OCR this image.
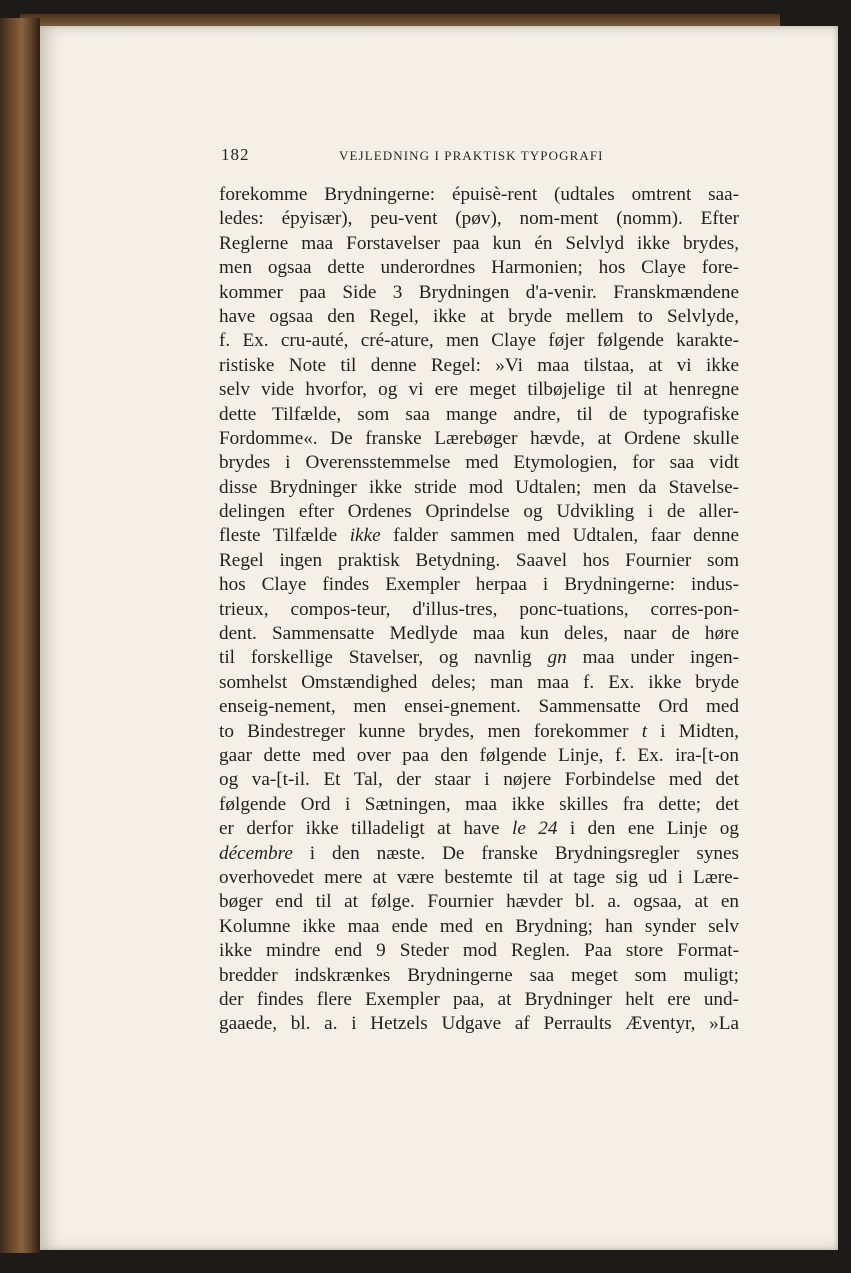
182	VEJLEDNING I PRAKTISK TYPOGRAFI
forekomme Brydningerne: épuisè-rent (udtales omtrent saa-
ledes: épyisær), peu-vent (pøv), nom-ment (nomm). Efter
Reglerne maa Forstavelser paa kun én Selvlyd ikke brydes,
men ogsaa dette underordnes Harmonien; hos Claye fore-
kommer paa Side 3 Brydningen d'a-venir. Franskmændene
have ogsaa den Regel, ikke at bryde mellem to Selvlyde,
f. Ex. cru-auté, cré-ature, men Claye føjer følgende karakte-
ristiske Note til denne Regel: »Vi maa tilstaa, at vi ikke
selv vide hvorfor, og vi ere meget tilbøjelige til at henregne
dette Tilfælde, som saa mange andre, til de typografiske
Fordomme«. De franske Lærebøger hævde, at Ordene skulle
brydes i Overensstemmelse med Etymologien, for saa vidt
disse Brydninger ikke stride mod Udtalen; men da Stavelse-
delingen efter Ordenes Oprindelse og Udvikling i de aller-
fleste Tilfælde ikke falder sammen med Udtalen, faar denne
Regel ingen praktisk Betydning. Saavel hos Fournier som
hos Claye findes Exempler herpaa i Brydningerne: indus-
trieux, compos-teur, d'illus-tres, ponc-tuations, corres-pon-
dent. Sammensatte Medlyde maa kun deles, naar de høre
til forskellige Stavelser, og navnlig gn maa under ingen-
somhelst Omstændighed deles; man maa f. Ex. ikke bryde
enseig-nement, men ensei-gnement. Sammensatte Ord med
to Bindestreger kunne brydes, men forekommer t i Midten,
gaar dette med over paa den følgende Linje, f. Ex. ira-[t-on
og va-[t-il. Et Tal, der staar i nøjere Forbindelse med det
følgende Ord i Sætningen, maa ikke skilles fra dette; det
er derfor ikke tilladeligt at have le 24 i den ene Linje og
décembre i den næste. De franske Brydningsregler synes
overhovedet mere at være bestemte til at tage sig ud i Lære-
bøger end til at følge. Fournier hævder bl. a. ogsaa, at en
Kolumne ikke maa ende med en Brydning; han synder selv
ikke mindre end 9 Steder mod Reglen. Paa store Format-
bredder indskrænkes Brydningerne saa meget som muligt;
der findes flere Exempler paa, at Brydninger helt ere und-
gaaede, bl. a. i Hetzels Udgave af Perraults Æventyr, »La
